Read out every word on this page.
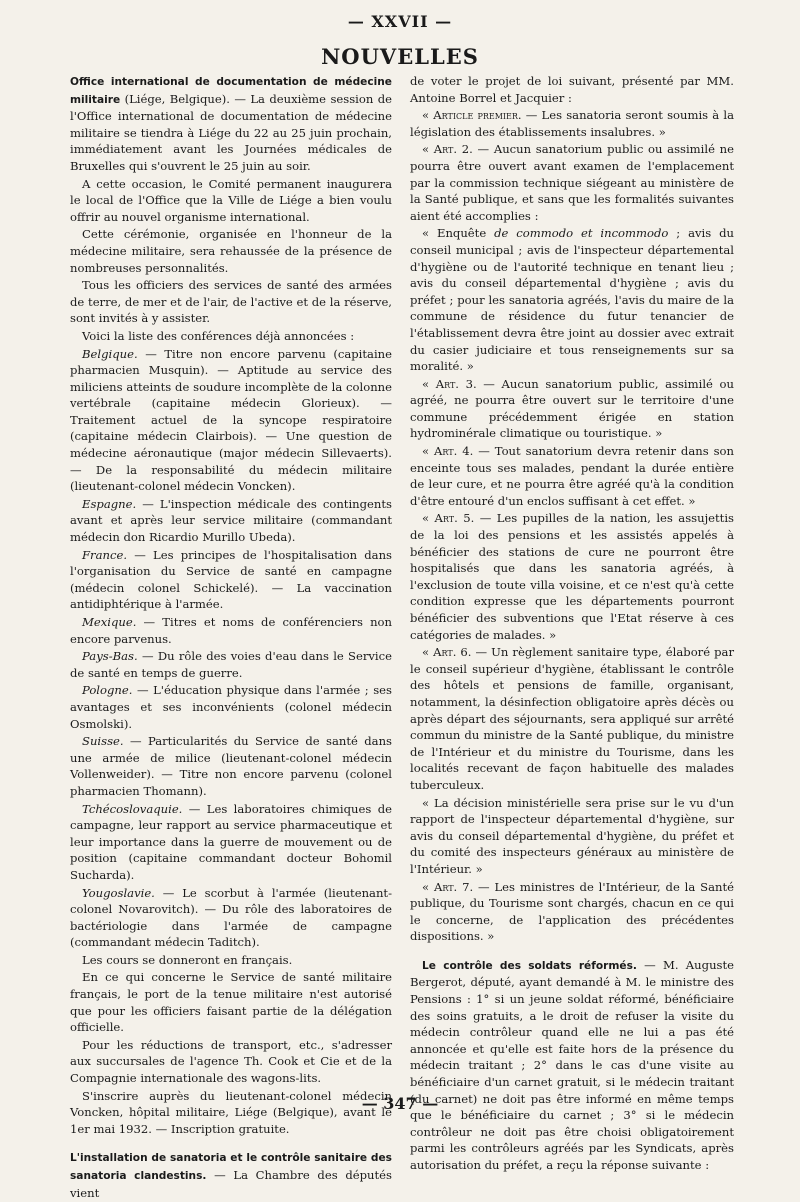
— XXVII —
NOUVELLES

Office international de documentation de médecine militaire (Liége, Belgique). — La deuxième session de l'Office international de documentation de médecine militaire se tiendra à Liége du 22 au 25 juin prochain, immédiatement avant les Journées médicales de Bruxelles qui s'ouvrent le 25 juin au soir.

A cette occasion, le Comité permanent inaugurera le local de l'Office que la Ville de Liége a bien voulu offrir au nouvel organisme international.

Cette cérémonie, organisée en l'honneur de la médecine militaire, sera rehaussée de la présence de nombreuses personnalités.

Tous les officiers des services de santé des armées de terre, de mer et de l'air, de l'active et de la réserve, sont invités à y assister.

Voici la liste des conférences déjà annoncées :

Belgique. — Titre non encore parvenu (capitaine pharmacien Musquin). — Aptitude au service des miliciens atteints de soudure incomplète de la colonne vertébrale (capitaine médecin Glorieux). — Traitement actuel de la syncope respiratoire (capitaine médecin Clairbois). — Une question de médecine aéronautique (major médecin Sillevaerts). — De la responsabilité du médecin militaire (lieutenant-colonel médecin Voncken).

Espagne. — L'inspection médicale des contingents avant et après leur service militaire (commandant médecin don Ricardio Murillo Ubeda).

France. — Les principes de l'hospitalisation dans l'organisation du Service de santé en campagne (médecin colonel Schickelé). — La vaccination antidiphtérique à l'armée.

Mexique. — Titres et noms de conférenciers non encore parvenus.

Pays-Bas. — Du rôle des voies d'eau dans le Service de santé en temps de guerre.

Pologne. — L'éducation physique dans l'armée ; ses avantages et ses inconvénients (colonel médecin Osmolski).

Suisse. — Particularités du Service de santé dans une armée de milice (lieutenant-colonel médecin Vollenweider). — Titre non encore parvenu (colonel pharmacien Thomann).

Tchécoslovaquie. — Les laboratoires chimiques de campagne, leur rapport au service pharmaceutique et leur importance dans la guerre de mouvement ou de position (capitaine commandant docteur Bohomil Sucharda).

Yougoslavie. — Le scorbut à l'armée (lieutenant-colonel Novarovitch). — Du rôle des laboratoires de bactériologie dans l'armée de campagne (commandant médecin Taditch).

Les cours se donneront en français.

En ce qui concerne le Service de santé militaire français, le port de la tenue militaire n'est autorisé que pour les officiers faisant partie de la délégation officielle.

Pour les réductions de transport, etc., s'adresser aux succursales de l'agence Th. Cook et Cie et de la Compagnie internationale des wagons-lits.

S'inscrire auprès du lieutenant-colonel médecin Voncken, hôpital militaire, Liége (Belgique), avant le 1er mai 1932. — Inscription gratuite.

L'installation de sanatoria et le contrôle sanitaire des sanatoria clandestins. — La Chambre des députés vient

de voter le projet de loi suivant, présenté par MM. Antoine Borrel et Jacquier :

« Article premier. — Les sanatoria seront soumis à la législation des établissements insalubres. »

« Art. 2. — Aucun sanatorium public ou assimilé ne pourra être ouvert avant examen de l'emplacement par la commission technique siégeant au ministère de la Santé publique, et sans que les formalités suivantes aient été accomplies :

« Enquête de commodo et incommodo ; avis du conseil municipal ; avis de l'inspecteur départemental d'hygiène ou de l'autorité technique en tenant lieu ; avis du conseil départemental d'hygiène ; avis du préfet ; pour les sanatoria agréés, l'avis du maire de la commune de résidence du futur tenancier de l'établissement devra être joint au dossier avec extrait du casier judiciaire et tous renseignements sur sa moralité. »

« Art. 3. — Aucun sanatorium public, assimilé ou agréé, ne pourra être ouvert sur le territoire d'une commune précédemment érigée en station hydrominérale climatique ou touristique. »

« Art. 4. — Tout sanatorium devra retenir dans son enceinte tous ses malades, pendant la durée entière de leur cure, et ne pourra être agréé qu'à la condition d'être entouré d'un enclos suffisant à cet effet. »

« Art. 5. — Les pupilles de la nation, les assujettis de la loi des pensions et les assistés appelés à bénéficier des stations de cure ne pourront être hospitalisés que dans les sanatoria agréés, à l'exclusion de toute villa voisine, et ce n'est qu'à cette condition expresse que les départements pourront bénéficier des subventions que l'Etat réserve à ces catégories de malades. »

« Art. 6. — Un règlement sanitaire type, élaboré par le conseil supérieur d'hygiène, établissant le contrôle des hôtels et pensions de famille, organisant, notamment, la désinfection obligatoire après décès ou après départ des séjournants, sera appliqué sur arrêté commun du ministre de la Santé publique, du ministre de l'Intérieur et du ministre du Tourisme, dans les localités recevant de façon habituelle des malades tuberculeux.

« La décision ministérielle sera prise sur le vu d'un rapport de l'inspecteur départemental d'hygiène, sur avis du conseil départemental d'hygiène, du préfet et du comité des inspecteurs généraux au ministère de l'Intérieur. »

« Art. 7. — Les ministres de l'Intérieur, de la Santé publique, du Tourisme sont chargés, chacun en ce qui le concerne, de l'application des précédentes dispositions. »

Le contrôle des soldats réformés. — M. Auguste Bergerot, député, ayant demandé à M. le ministre des Pensions : 1° si un jeune soldat réformé, bénéficiaire des soins gratuits, a le droit de refuser la visite du médecin contrôleur quand elle ne lui a pas été annoncée et qu'elle est faite hors de la présence du médecin traitant ; 2° dans le cas d'une visite au bénéficiaire d'un carnet gratuit, si le médecin traitant (du carnet) ne doit pas être informé en même temps que le bénéficiaire du carnet ; 3° si le médecin contrôleur ne doit pas être choisi obligatoirement parmi les contrôleurs agréés par les Syndicats, après autorisation du préfet, a reçu la réponse suivante :

— 347 —
